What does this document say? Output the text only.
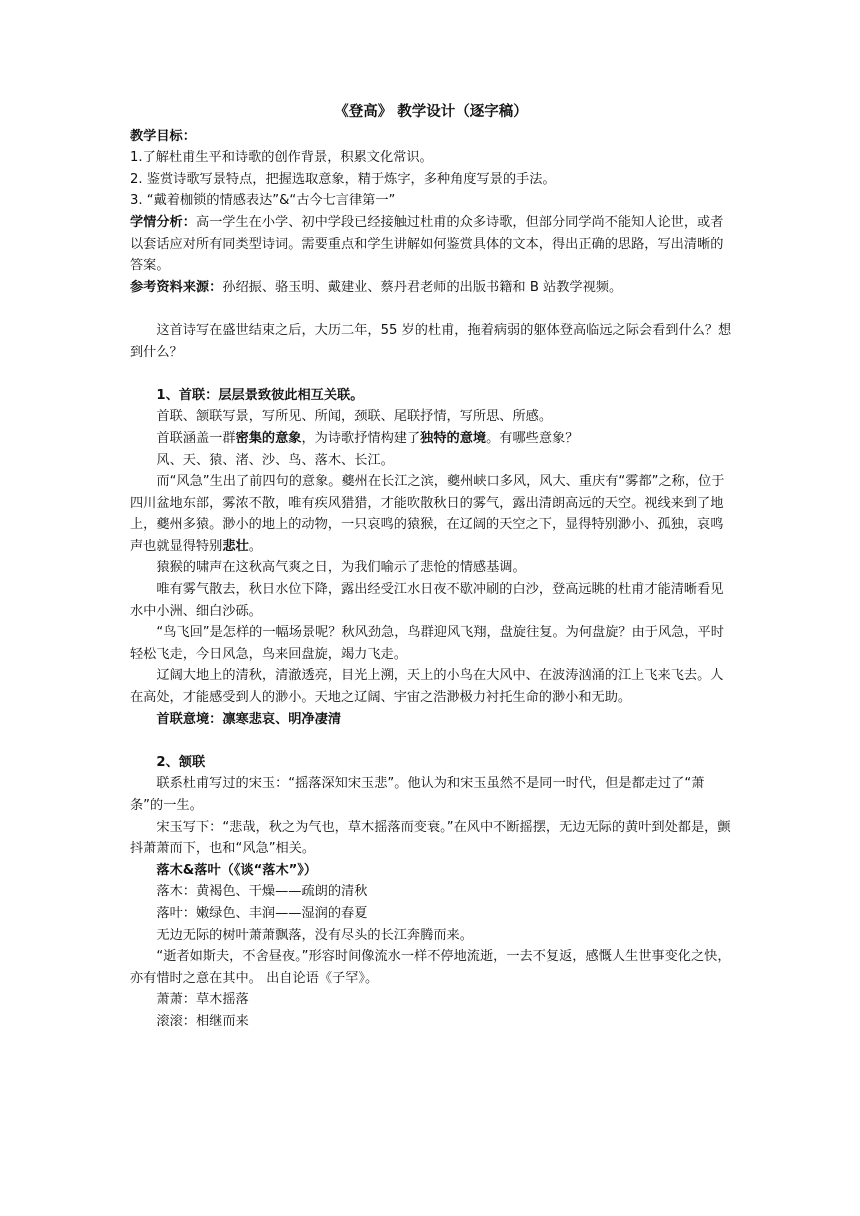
《登高》 教学设计（逐字稿）

教学目标：

1.了解杜甫生平和诗歌的创作背景，积累文化常识。

2. 鉴赏诗歌写景特点，把握选取意象，精于炼字，多种角度写景的手法。

3. “戴着枷锁的情感表达”&“古今七言律第一”

学情分析：高一学生在小学、初中学段已经接触过杜甫的众多诗歌，但部分同学尚不能知人论世，或者以套话应对所有同类型诗词。需要重点和学生讲解如何鉴赏具体的文本，得出正确的思路，写出清晰的答案。

参考资料来源：孙绍振、骆玉明、戴建业、蔡丹君老师的出版书籍和 B 站教学视频。

这首诗写在盛世结束之后，大历二年，55 岁的杜甫，拖着病弱的躯体登高临远之际会看到什么？想到什么？

1、首联：层层景致彼此相互关联。

首联、颔联写景，写所见、所闻，颈联、尾联抒情，写所思、所感。

首联涵盖一群密集的意象，为诗歌抒情构建了独特的意境。有哪些意象？

风、天、猿、渚、沙、鸟、落木、长江。

而“风急”生出了前四句的意象。夔州在长江之滨，夔州峡口多风，风大、重庆有“雾都”之称，位于四川盆地东部，雾浓不散，唯有疾风猎猎，才能吹散秋日的雾气，露出清朗高远的天空。视线来到了地上，夔州多猿。渺小的地上的动物，一只哀鸣的猿猴，在辽阔的天空之下，显得特别渺小、孤独，哀鸣声也就显得特别悲壮。

猿猴的啸声在这秋高气爽之日，为我们喻示了悲怆的情感基调。

唯有雾气散去，秋日水位下降，露出经受江水日夜不歇冲刷的白沙，登高远眺的杜甫才能清晰看见水中小洲、细白沙砾。

“鸟飞回”是怎样的一幅场景呢？秋风劲急，鸟群迎风飞翔，盘旋往复。为何盘旋？由于风急，平时轻松飞走，今日风急，鸟来回盘旋，竭力飞走。

辽阔大地上的清秋，清澈透亮，目光上溯，天上的小鸟在大风中、在波涛汹涌的江上飞来飞去。人在高处，才能感受到人的渺小。天地之辽阔、宇宙之浩渺极力衬托生命的渺小和无助。

首联意境：凛寒悲哀、明净凄清

2、颔联

联系杜甫写过的宋玉：“摇落深知宋玉悲”。他认为和宋玉虽然不是同一时代，但是都走过了“萧条”的一生。

宋玉写下：“悲哉，秋之为气也，草木摇落而变衰。”在风中不断摇摆，无边无际的黄叶到处都是，颤抖萧萧而下，也和“风急”相关。

落木&落叶（《谈“落木”》）

落木：黄褐色、干燥——疏朗的清秋

落叶：嫩绿色、丰润——湿润的春夏

无边无际的树叶萧萧飘落，没有尽头的长江奔腾而来。

“逝者如斯夫，不舍昼夜。”形容时间像流水一样不停地流逝，一去不复返，感慨人生世事变化之快，亦有惜时之意在其中。 出自论语《子罕》。

萧萧：草木摇落

滚滚：相继而来
